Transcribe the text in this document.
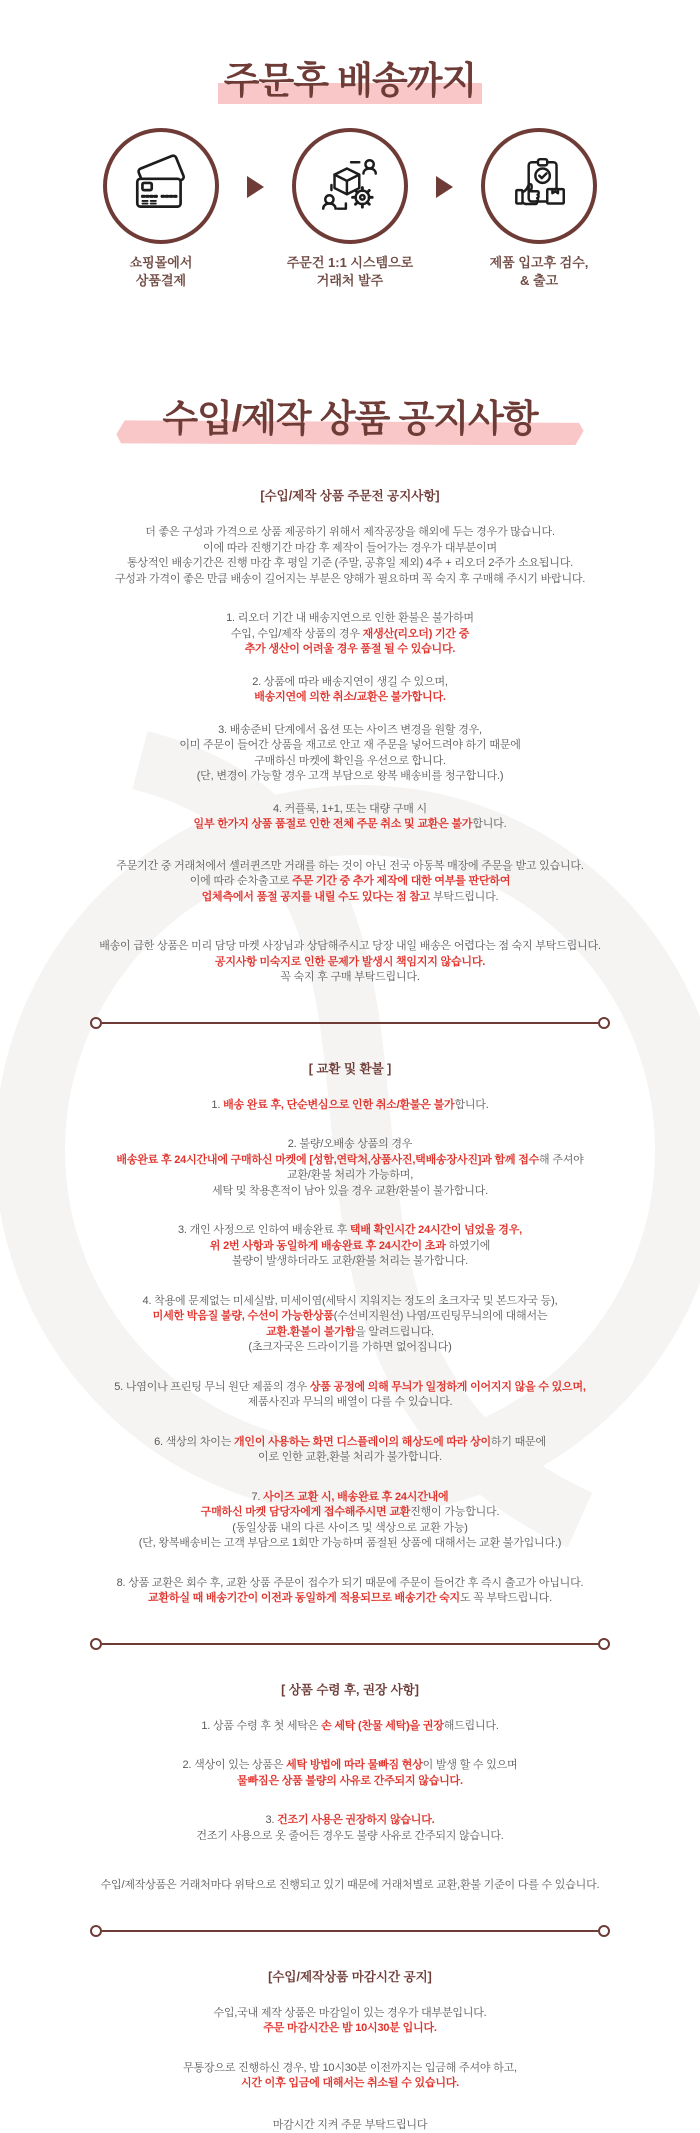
주문후 배송까지
쇼핑몰에서
상품결제
주문건 1:1 시스템으로
거래처 발주
제품 입고후 검수,
& 출고
수입/제작 상품 공지사항
[수입/제작 상품 주문전 공지사항]
더 좋은 구성과 가격으로 상품 제공하기 위해서 제작공장을 해외에 두는 경우가 많습니다.
이에 따라 진행기간 마감 후 제작이 들어가는 경우가 대부분이며
통상적인 배송기간은 진행 마감 후 평일 기준 (주말, 공휴일 제외) 4주 + 리오더 2주가 소요됩니다.
구성과 가격이 좋은 만큼 배송이 길어지는 부분은 양해가 필요하며 꼭 숙지 후 구매해 주시기 바랍니다.
1. 리오더 기간 내 배송지연으로 인한 환불은 불가하며
수입, 수입/제작 상품의 경우 재생산(리오더) 기간 중
추가 생산이 어려울 경우 품절 될 수 있습니다.
2. 상품에 따라 배송지연이 생길 수 있으며,
배송지연에 의한 취소/교환은 불가합니다.
3. 배송준비 단계에서 옵션 또는 사이즈 변경을 원할 경우,
이미 주문이 들어간 상품을 재고로 안고 재 주문을 넣어드려야 하기 때문에
구매하신 마켓에 확인을 우선으로 합니다.
(단, 변경이 가능할 경우 고객 부담으로 왕복 배송비를 청구합니다.)
4. 커플룩, 1+1, 또는 대량 구매 시
일부 한가지 상품 품절로 인한 전체 주문 취소 및 교환은 불가합니다.
주문기간 중 거래처에서 셀러퀸즈만 거래를 하는 것이 아닌 전국 아동복 매장에 주문을 받고 있습니다.
이에 따라 순차출고로 주문 기간 중 추가 제작에 대한 여부를 판단하여
업체측에서 품절 공지를 내릴 수도 있다는 점 참고 부탁드립니다.
배송이 급한 상품은 미리 담당 마켓 사장님과 상담해주시고 당장 내일 배송은 어렵다는 점 숙지 부탁드립니다.
공지사항 미숙지로 인한 문제가 발생시 책임지지 않습니다.
꼭 숙지 후 구매 부탁드립니다.
[ 교환 및 환불 ]
1. 배송 완료 후, 단순변심으로 인한 취소/환불은 불가합니다.
2. 불량/오배송 상품의 경우
배송완료 후 24시간내에 구매하신 마켓에 [성함,연락처,상품사진,택배송장사진]과 함께 접수해 주셔야
교환/환불 처리가 가능하며,
세탁 및 착용흔적이 남아 있을 경우 교환/환불이 불가합니다.
3. 개인 사정으로 인하여 배송완료 후 택배 확인시간 24시간이 넘었을 경우,
위 2번 사항과 동일하게 배송완료 후 24시간이 초과 하였기에
불량이 발생하더라도 교환/환불 처리는 불가합니다.
4. 착용에 문제없는 미세실밥, 미세이염(세탁시 지워지는 정도의 초크자국 및 본드자국 등),
미세한 박음질 불량, 수선이 가능한상품(수선비지원선) 나염/프린팅무늬의에 대해서는
교환.환불이 불가함을 알려드립니다.
(초크자국은 드라이기를 가하면 없어집니다)
5. 나염이나 프린팅 무늬 원단 제품의 경우 상품 공정에 의해 무늬가 일정하게 이어지지 않을 수 있으며,
제품사진과 무늬의 배열이 다를 수 있습니다.
6. 색상의 차이는 개인이 사용하는 화면 디스플레이의 해상도에 따라 상이하기 때문에
이로 인한 교환,환불 처리가 불가합니다.
7. 사이즈 교환 시, 배송완료 후 24시간내에
구매하신 마켓 담당자에게 접수해주시면 교환진행이 가능합니다.
(동일상품 내의 다른 사이즈 및 색상으로 교환 가능)
(단, 왕복배송비는 고객 부담으로 1회만 가능하며 품절된 상품에 대해서는 교환 불가입니다.)
8. 상품 교환은 회수 후, 교환 상품 주문이 접수가 되기 때문에 주문이 들어간 후 즉시 출고가 아닙니다.
교환하실 때 배송기간이 이전과 동일하게 적용되므로 배송기간 숙지도 꼭 부탁드립니다.
[ 상품 수령 후, 권장 사항]
1. 상품 수령 후 첫 세탁은 손 세탁 (찬물 세탁)을 권장해드립니다.
2. 색상이 있는 상품은 세탁 방법에 따라 물빠짐 현상이 발생 할 수 있으며
물빠짐은 상품 불량의 사유로 간주되지 않습니다.
3. 건조기 사용은 권장하지 않습니다.
건조기 사용으로 옷 줄어든 경우도 불량 사유로 간주되지 않습니다.
수입/제작상품은 거래처마다 위탁으로 진행되고 있기 때문에 거래처별로 교환,환불 기준이 다를 수 있습니다.
[수입/제작상품 마감시간 공지]
수입,국내 제작 상품은 마감일이 있는 경우가 대부분입니다.
주문 마감시간은 밤 10시30분 입니다.
무통장으로 진행하신 경우, 밤 10시30분 이전까지는 입금해 주셔야 하고,
시간 이후 입금에 대해서는 취소될 수 있습니다.
마감시간 지켜 주문 부탁드립니다
